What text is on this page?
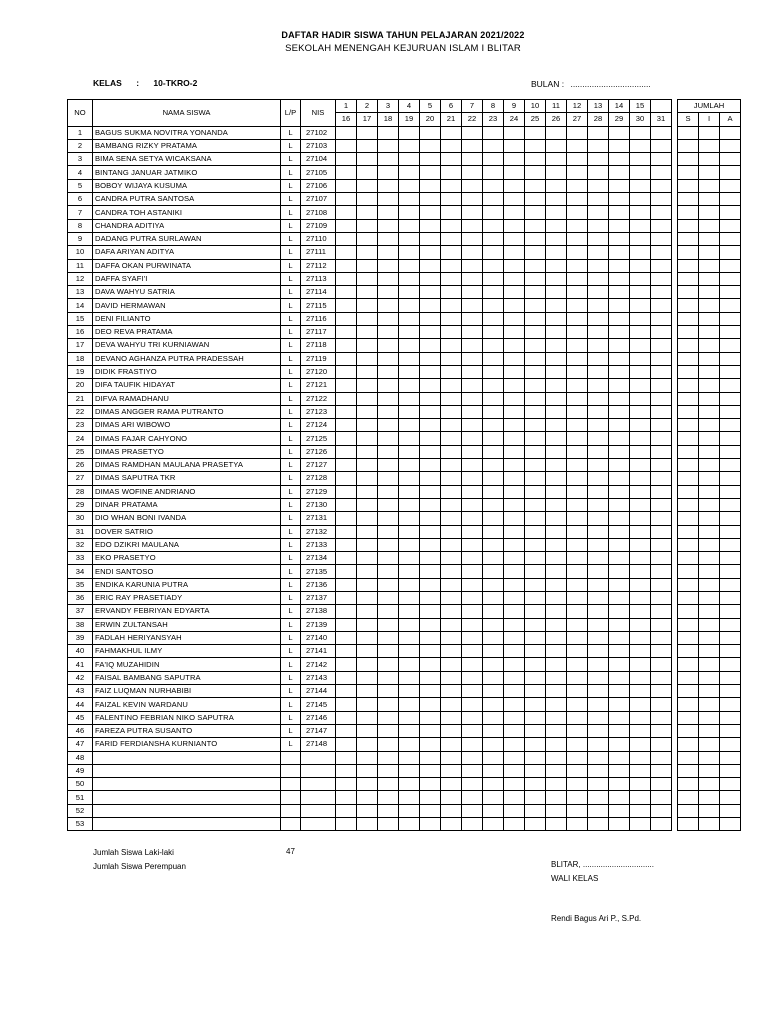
DAFTAR HADIR SISWA TAHUN PELAJARAN 2021/2022
SEKOLAH MENENGAH KEJURUAN ISLAM I BLITAR
KELAS : 10-TKRO-2	BULAN : ..................................
NO	NAMA SISWA	L/P	NIS	1	2	3	4	5	6	7	8	9	10	11	12	13	14	15			JUMLAH		
				16	17	18	19	20	21	22	23	24	25	26	27	28	29	30	31		S	I	A
1	BAGUS SUKMA NOVITRA YONANDA	L	27102																				
2	BAMBANG RIZKY PRATAMA	L	27103																				
3	BIMA SENA SETYA WICAKSANA	L	27104																				
4	BINTANG JANUAR JATMIKO	L	27105																				
5	BOBOY WIJAYA KUSUMA	L	27106																				
6	CANDRA PUTRA SANTOSA	L	27107																				
7	CANDRA TOH ASTANIKI	L	27108																				
8	CHANDRA ADITIYA	L	27109																				
9	DADANG PUTRA SURLAWAN	L	27110																				
10	DAFA ARIYAN ADITYA	L	27111																				
11	DAFFA OKAN PURWINATA	L	27112																				
12	DAFFA SYAFI'I	L	27113																				
13	DAVA WAHYU SATRIA	L	27114																				
14	DAVID HERMAWAN	L	27115																				
15	DENI FILIANTO	L	27116																				
16	DEO REVA PRATAMA	L	27117																				
17	DEVA WAHYU TRI KURNIAWAN	L	27118																				
18	DEVANO AGHANZA PUTRA PRADESSAH	L	27119																				
19	DIDIK FRASTIYO	L	27120																				
20	DIFA TAUFIK HIDAYAT	L	27121																				
21	DIFVA RAMADHANU	L	27122																				
22	DIMAS ANGGER RAMA PUTRANTO	L	27123																				
23	DIMAS ARI WIBOWO	L	27124																				
24	DIMAS FAJAR CAHYONO	L	27125																				
25	DIMAS PRASETYO	L	27126																				
26	DIMAS RAMDHAN MAULANA PRASETYA	L	27127																				
27	DIMAS SAPUTRA TKR	L	27128																				
28	DIMAS WOFINE ANDRIANO	L	27129																				
29	DINAR PRATAMA	L	27130																				
30	DIO WHAN BONI IVANDA	L	27131																				
31	DOVER SATRIO	L	27132																				
32	EDO DZIKRI MAULANA	L	27133																				
33	EKO PRASETYO	L	27134																				
34	ENDI SANTOSO	L	27135																				
35	ENDIKA KARUNIA PUTRA	L	27136																				
36	ERIC RAY PRASETIADY	L	27137																				
37	ERVANDY FEBRIYAN EDYARTA	L	27138																				
38	ERWIN ZULTANSAH	L	27139																				
39	FADLAH HERIYANSYAH	L	27140																				
40	FAHMAKHUL ILMY	L	27141																				
41	FA'IQ MUZAHIDIN	L	27142																				
42	FAISAL BAMBANG SAPUTRA	L	27143																				
43	FAIZ LUQMAN NURHABIBI	L	27144																				
44	FAIZAL KEVIN WARDANU	L	27145																				
45	FALENTINO FEBRIAN NIKO SAPUTRA	L	27146																				
46	FAREZA PUTRA SUSANTO	L	27147																				
47	FARID FERDIANSHA KURNIANTO	L	27148																				
48																							
49																							
50																							
51																							
52																							
53																							
Jumlah Siswa Laki-laki	47
Jumlah Siswa Perempuan	BLITAR, ................................
WALI KELAS
Rendi Bagus Ari P., S.Pd.
